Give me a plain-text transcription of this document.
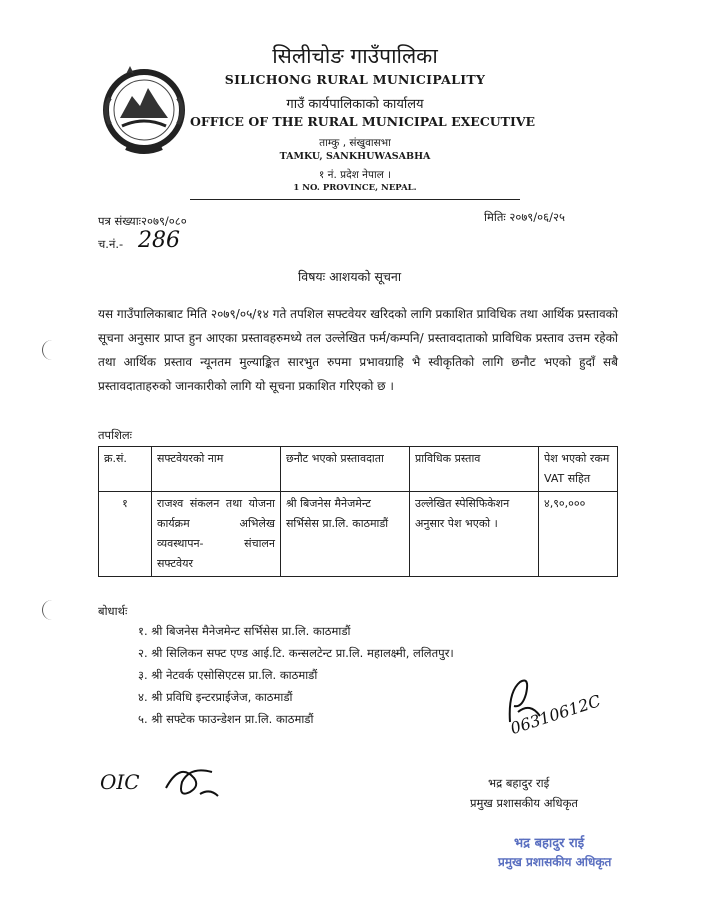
सिलीचोङ गाउँपालिका
SILICHONG RURAL MUNICIPALITY
गाउँ कार्यपालिकाको कार्यालय
OFFICE OF THE RURAL MUNICIPAL EXECUTIVE
ताम्कु , संखुवासभा
TAMKU, SANKHUWASABHA
१ नं. प्रदेश नेपाल ।
1 NO. PROVINCE, NEPAL.
पत्र संख्याः२०७९/०८०
च.नं.- 286
मितिः २०७९/०६/२५
विषयः आशयको सूचना
यस गाउँपालिकाबाट मिति २०७९/०५/१४ गते तपशिल सफ्टवेयर खरिदको लागि प्रकाशित प्राविधिक तथा आर्थिक प्रस्तावको सूचना अनुसार प्राप्त हुन आएका प्रस्तावहरुमध्ये तल उल्लेखित फर्म/कम्पनि/ प्रस्तावदाताको प्राविधिक प्रस्ताव उत्तम रहेको तथा आर्थिक प्रस्ताव न्यूनतम मुल्याङ्कित सारभुत रुपमा प्रभावग्राहि भै स्वीकृतिको लागि छनौट भएको हुदाँ सबै प्रस्तावदाताहरुको जानकारीको लागि यो सूचना प्रकाशित गरिएको छ ।
तपशिलः
क्र.सं.	सफ्टवेयरको नाम	छनौट भएको प्रस्तावदाता	प्राविधिक प्रस्ताव	पेश भएको रकम VAT सहित
१	राजश्व संकलन तथा योजना कार्यक्रम अभिलेख व्यवस्थापन- संचालन सफ्टवेयर	श्री बिजनेस मैनेजमेन्ट सर्भिसेस प्रा.लि. काठमाडौं	उल्लेखित स्पेसिफिकेशन अनुसार पेश भएको ।	४,९०,०००
बोधार्थः
१. श्री बिजनेस मैनेजमेन्ट सर्भिसेस प्रा.लि. काठमाडौं
२. श्री सिलिकन सफ्ट एण्ड आई.टि. कन्सलटेन्ट प्रा.लि. महालक्ष्मी, ललितपुर।
३. श्री नेटवर्क एसोसिएटस प्रा.लि. काठमाडौं
४. श्री प्रविधि इन्टरप्राईजेज, काठमाडौं
५. श्री सफ्टेक फाउन्डेशन प्रा.लि. काठमाडौं	06310612C
भद्र बहादुर राई
प्रमुख प्रशासकीय अधिकृत
OIC
भद्र बहादुर राई
प्रमुख प्रशासकीय अधिकृत
